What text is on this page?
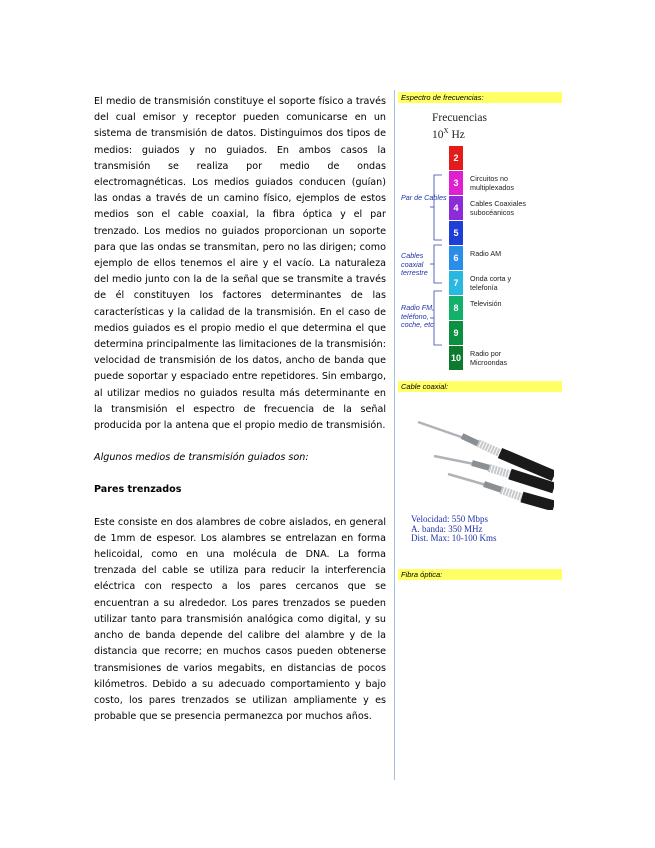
El medio de transmisión constituye el soporte físico a través del cual emisor y receptor pueden comunicarse en un sistema de transmisión de datos. Distinguimos dos tipos de medios: guiados y no guiados. En ambos casos la transmisión se realiza por medio de ondas electromagnéticas. Los medios guiados conducen (guían) las ondas a través de un camino físico, ejemplos de estos medios son el cable coaxial, la fibra óptica y el par trenzado. Los medios no guiados proporcionan un soporte para que las ondas se transmitan, pero no las dirigen; como ejemplo de ellos tenemos el aire y el vacío. La naturaleza del medio junto con la de la señal que se transmite a través de él constituyen los factores determinantes de las características y la calidad de la transmisión. En el caso de medios guiados es el propio medio el que determina el que determina principalmente las limitaciones de la transmisión: velocidad de transmisión de los datos, ancho de banda que puede soportar y espaciado entre repetidores. Sin embargo, al utilizar medios no guiados resulta más determinante en la transmisión el espectro de frecuencia de la señal producida por la antena que el propio medio de transmisión.

Algunos medios de transmisión guiados son:

Pares trenzados

Este consiste en dos alambres de cobre aislados, en general de 1mm de espesor. Los alambres se entrelazan en forma helicoidal, como en una molécula de DNA. La forma trenzada del cable se utiliza para reducir la interferencia eléctrica con respecto a los pares cercanos que se encuentran a su alrededor. Los pares trenzados se pueden utilizar tanto para transmisión analógica como digital, y su ancho de banda depende del calibre del alambre y de la distancia que recorre; en muchos casos pueden obtenerse transmisiones de varios megabits, en distancias de pocos kilómetros. Debido a su adecuado comportamiento y bajo costo, los pares trenzados se utilizan ampliamente y es probable que se presencia permanezca por muchos años.

Espectro de frecuencias:
Frecuencias
$10^X$ Hz
2
3	Circuitos no multiplexados
4	Cables Coaxiales subocéanicos
5
6	Radio AM
7	Onda corta y telefonía
8	Televisión
9
10 Radio por Microondas
Par de Cables
Cables coaxial terrestre
Radio FM, teléfono, coche, etc
Cable coaxial:
Velocidad: 550 Mbps
A. banda: 350 MHz
Dist. Max: 10-100 Kms
Fibra óptica:
